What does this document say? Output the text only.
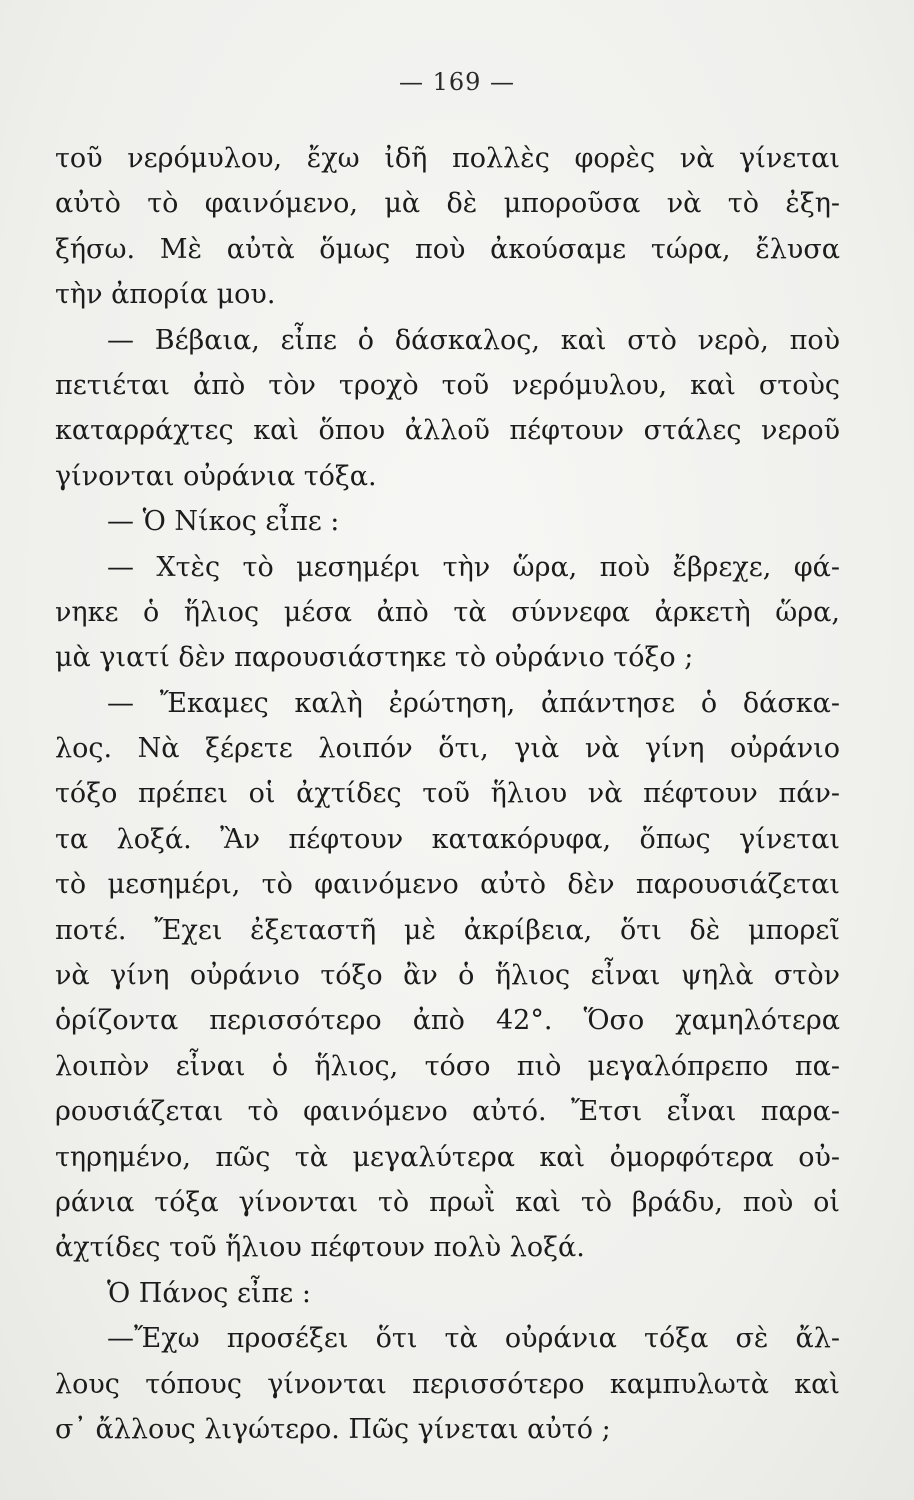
— 169 —
τοῦ νερόμυλου, ἔχω ἰδῆ πολλὲς φορὲς νὰ γίνεται
αὐτὸ τὸ φαινόμενο, μὰ δὲ μποροῦσα νὰ τὸ ἐξη-
ξήσω. Μὲ αὐτὰ ὅμως ποὺ ἀκούσαμε τώρα, ἔλυσα
τὴν ἀπορία μου.
— Βέβαια, εἶπε ὁ δάσκαλος, καὶ στὸ νερὸ, ποὺ
πετιέται ἀπὸ τὸν τροχὸ τοῦ νερόμυλου, καὶ στοὺς
καταρράχτες καὶ ὅπου ἀλλοῦ πέφτουν στάλες νεροῦ
γίνονται οὐράνια τόξα.
— Ὁ Νίκος εἶπε :
— Χτὲς τὸ μεσημέρι τὴν ὥρα, ποὺ ἔβρεχε, φά-
νηκε ὁ ἥλιος μέσα ἀπὸ τὰ σύννεφα ἀρκετὴ ὥρα,
μὰ γιατί δὲν παρουσιάστηκε τὸ οὐράνιο τόξο ;
— Ἔκαμες καλὴ ἐρώτηση, ἀπάντησε ὁ δάσκα-
λος. Νὰ ξέρετε λοιπόν ὅτι, γιὰ νὰ γίνη οὐράνιο
τόξο πρέπει οἱ ἀχτίδες τοῦ ἥλιου νὰ πέφτουν πάν-
τα λοξά. Ἂν πέφτουν κατακόρυφα, ὅπως γίνεται
τὸ μεσημέρι, τὸ φαινόμενο αὐτὸ δὲν παρουσιάζεται
ποτέ. Ἔχει ἐξεταστῆ μὲ ἀκρίβεια, ὅτι δὲ μπορεῖ
νὰ γίνη οὐράνιο τόξο ἂν ὁ ἥλιος εἶναι ψηλὰ στὸν
ὁρίζοντα περισσότερο ἀπὸ 42°. Ὅσο χαμηλότερα
λοιπὸν εἶναι ὁ ἥλιος, τόσο πιὸ μεγαλόπρεπο πα-
ρουσιάζεται τὸ φαινόμενο αὐτό. Ἔτσι εἶναι παρα-
τηρημένο, πῶς τὰ μεγαλύτερα καὶ ὀμορφότερα οὐ-
ράνια τόξα γίνονται τὸ πρωῒ καὶ τὸ βράδυ, ποὺ οἱ
ἀχτίδες τοῦ ἥλιου πέφτουν πολὺ λοξά.
Ὁ Πάνος εἶπε :
—Ἔχω προσέξει ὅτι τὰ οὐράνια τόξα σὲ ἄλ-
λους τόπους γίνονται περισσότερο καμπυλωτὰ καὶ
σ᾿ ἄλλους λιγώτερο. Πῶς γίνεται αὐτό ;
